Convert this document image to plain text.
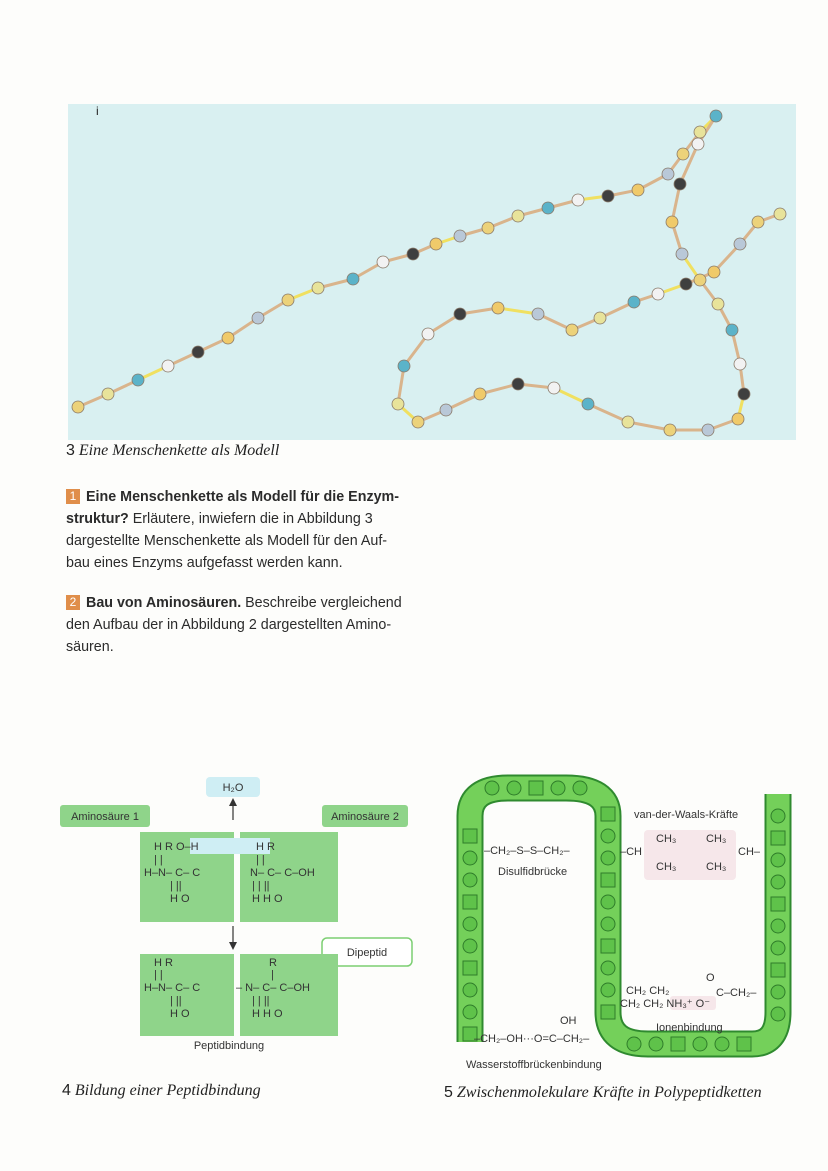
i
3 Eine Menschenkette als Modell
1 Eine Menschenkette als Modell für die Enzym-
struktur? Erläutere, inwiefern die in Abbildung 3
dargestellte Menschenkette als Modell für den Auf-
bau eines Enzyms aufgefasst werden kann.
2 Bau von Aminosäuren. Beschreibe vergleichend
den Aufbau der in Abbildung 2 dargestellten Amino-
säuren.
H₂O
Aminosäure 1	Aminosäure 2
H R O–H
| |
H–N– C– C
| ||
H O
H R
| |
N– C– C–OH
| | ||
H H O
Dipeptid
H R
| |
H–N– C– C
| ||
H O
R
|
– N– C– C–OH
| | ||
H H O
Peptidbindung
4 Bildung einer Peptidbindung
–CH₂–S–S–CH₂–
Disulfidbrücke
van-der-Waals-Kräfte
CH₃
–CH
CH₃
CH₃
CH–
CH₃
CH₂ CH₂
CH₂ CH₂ NH₃⁺ O⁻
O
C–CH₂–
Ionenbindung
OH
–CH₂–OH···O=C–CH₂–
Wasserstoffbrückenbindung
5 Zwischenmolekulare Kräfte in Polypeptidketten
